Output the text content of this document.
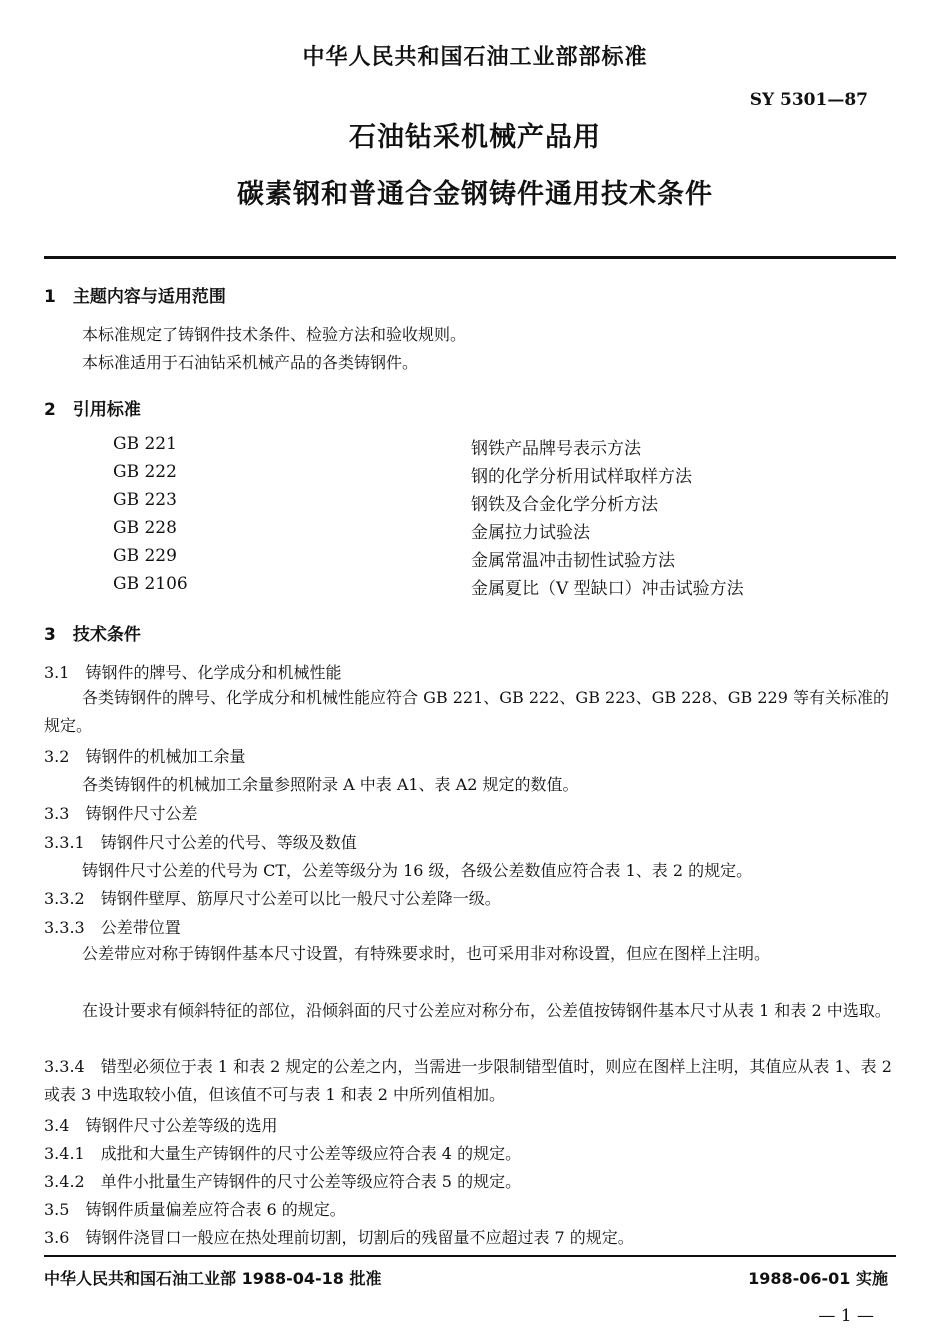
中华人民共和国石油工业部部标准
SY 5301—87
石油钻采机械产品用
碳素钢和普通合金钢铸件通用技术条件
1　主题内容与适用范围
本标准规定了铸钢件技术条件、检验方法和验收规则。
本标准适用于石油钻采机械产品的各类铸钢件。
2　引用标准
GB 221	钢铁产品牌号表示方法
GB 222	钢的化学分析用试样取样方法
GB 223	钢铁及合金化学分析方法
GB 228	金属拉力试验法
GB 229	金属常温冲击韧性试验方法
GB 2106	金属夏比（V 型缺口）冲击试验方法
3　技术条件
3.1　铸钢件的牌号、化学成分和机械性能
各类铸钢件的牌号、化学成分和机械性能应符合 GB 221、GB 222、GB 223、GB 228、GB 229 等有关标准的规定。
3.2　铸钢件的机械加工余量
各类铸钢件的机械加工余量参照附录 A 中表 A1、表 A2 规定的数值。
3.3　铸钢件尺寸公差
3.3.1　铸钢件尺寸公差的代号、等级及数值
铸钢件尺寸公差的代号为 CT，公差等级分为 16 级，各级公差数值应符合表 1、表 2 的规定。
3.3.2　铸钢件壁厚、筋厚尺寸公差可以比一般尺寸公差降一级。
3.3.3　公差带位置
公差带应对称于铸钢件基本尺寸设置，有特殊要求时，也可采用非对称设置，但应在图样上注明。
在设计要求有倾斜特征的部位，沿倾斜面的尺寸公差应对称分布，公差值按铸钢件基本尺寸从表 1 和表 2 中选取。
3.3.4　错型必须位于表 1 和表 2 规定的公差之内，当需进一步限制错型值时，则应在图样上注明，其值应从表 1、表 2 或表 3 中选取较小值，但该值不可与表 1 和表 2 中所列值相加。
3.4　铸钢件尺寸公差等级的选用
3.4.1　成批和大量生产铸钢件的尺寸公差等级应符合表 4 的规定。
3.4.2　单件小批量生产铸钢件的尺寸公差等级应符合表 5 的规定。
3.5　铸钢件质量偏差应符合表 6 的规定。
3.6　铸钢件浇冒口一般应在热处理前切割，切割后的残留量不应超过表 7 的规定。
中华人民共和国石油工业部 1988-04-18 批准	1988-06-01 实施
— 1 —
